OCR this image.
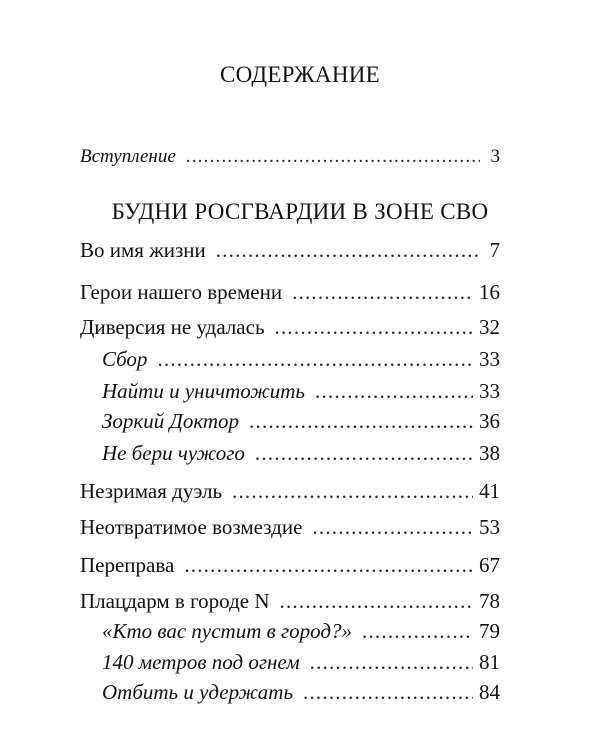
СОДЕРЖАНИЕ
Вступление .....	3
БУДНИ РОСГВАРДИИ В ЗОНЕ СВО
Во имя жизни .....	7
Герои нашего времени .....	16
Диверсия не удалась .....	32
Сбор .....	33
Найти и уничтожить .....	33
Зоркий Доктор .....	36
Не бери чужого .....	38
Незримая дуэль .....	41
Неотвратимое возмездие .....	53
Переправа .....	67
Плацдарм в городе N .....	78
«Кто вас пустит в город?» .....	79
140 метров под огнем .....	81
Отбить и удержать .....	84
